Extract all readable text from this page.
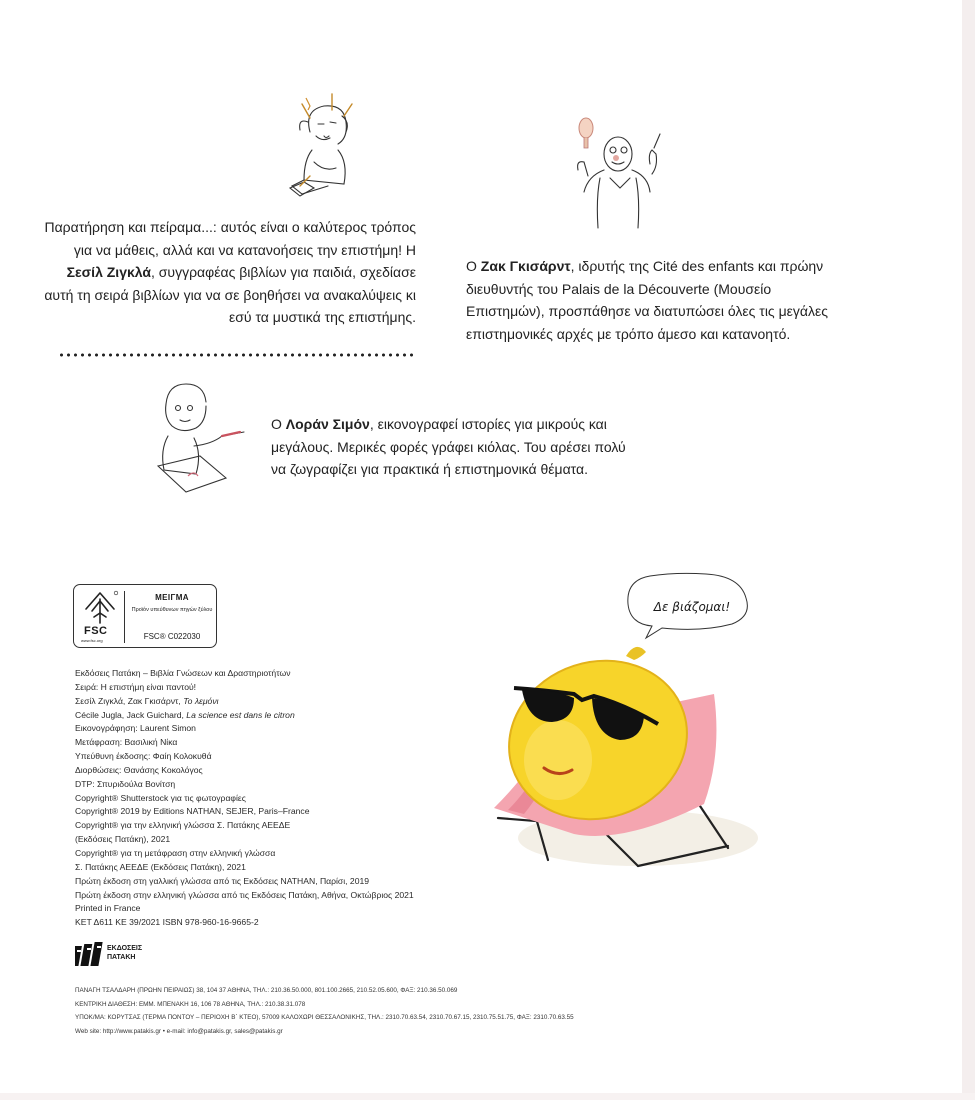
Παρατήρηση και πείραμα...: αυτός είναι ο καλύτερος τρόπος για να μάθεις, αλλά και να κατανοήσεις την επιστήμη! Η Σεσίλ Ζιγκλά, συγγραφέας βιβλίων για παιδιά, σχεδίασε αυτή τη σειρά βιβλίων για να σε βοηθήσει να ανακαλύψεις κι εσύ τα μυστικά της επιστήμης.
Ο Ζακ Γκισάρντ, ιδρυτής της Cité des enfants και πρώην διευθυντής του Palais de la Découverte (Μουσείο Επιστημών), προσπάθησε να διατυπώσει όλες τις μεγάλες επιστημονικές αρχές με τρόπο άμεσο και κατανοητό.
Ο Λοράν Σιμόν, εικονογραφεί ιστορίες για μικρούς και μεγάλους. Μερικές φορές γράφει κιόλας. Του αρέσει πολύ να ζωγραφίζει για πρακτικά ή επιστημονικά θέματα.
FSC
www.fsc.org
ΜΕΙΓΜΑ
Προϊόν υπεύθυνων πηγών ξύλου
FSC® C022030
Εκδόσεις Πατάκη – Βιβλία Γνώσεων και Δραστηριοτήτων
Σειρά: Η επιστήμη είναι παντού!
Σεσίλ Ζιγκλά, Ζακ Γκισάρντ, Το λεμόνι
Cécile Jugla, Jack Guichard, La science est dans le citron
Εικονογράφηση: Laurent Simon
Μετάφραση: Βασιλική Νίκα
Υπεύθυνη έκδοσης: Φαίη Κολοκυθά
Διορθώσεις: Θανάσης Κοκολόγος
DTP: Σπυριδούλα Βονίτση
Copyright® Shutterstock για τις φωτογραφίες
Copyright® 2019 by Editions NATHAN, SEJER, Paris–France
Copyright® για την ελληνική γλώσσα Σ. Πατάκης ΑΕΕΔΕ
(Εκδόσεις Πατάκη), 2021
Copyright® για τη μετάφραση στην ελληνική γλώσσα
Σ. Πατάκης ΑΕΕΔΕ (Εκδόσεις Πατάκη), 2021
Πρώτη έκδοση στη γαλλική γλώσσα από τις Εκδόσεις NATHAN, Παρίσι, 2019
Πρώτη έκδοση στην ελληνική γλώσσα από τις Εκδόσεις Πατάκη, Αθήνα, Οκτώβριος 2021
Printed in France
ΚΕΤ Δ611 ΚΕ 39/2021 ISBN 978-960-16-9665-2
ΕΚΔΟΣΕΙΣ ΠΑΤΑΚΗ
ΠΑΝΑΓΗ ΤΣΑΛΔΑΡΗ (ΠΡΩΗΝ ΠΕΙΡΑΙΩΣ) 38, 104 37 ΑΘΗΝΑ, ΤΗΛ.: 210.36.50.000, 801.100.2665, 210.52.05.600, ΦΑΞ: 210.36.50.069
ΚΕΝΤΡΙΚΗ ΔΙΑΘΕΣΗ: ΕΜΜ. ΜΠΕΝΑΚΗ 16, 106 78 ΑΘΗΝΑ, ΤΗΛ.: 210.38.31.078
ΥΠΟΚ/ΜΑ: ΚΟΡΥΤΣΑΣ (ΤΕΡΜΑ ΠΟΝΤΟΥ – ΠΕΡΙΟΧΗ Β΄ ΚΤΕΟ), 57009 ΚΑΛΟΧΩΡΙ ΘΕΣΣΑΛΟΝΙΚΗΣ, ΤΗΛ.: 2310.70.63.54, 2310.70.67.15, 2310.75.51.75, ΦΑΞ: 2310.70.63.55
Web site: http://www.patakis.gr • e-mail: info@patakis.gr, sales@patakis.gr
Δε βιάζομαι!
